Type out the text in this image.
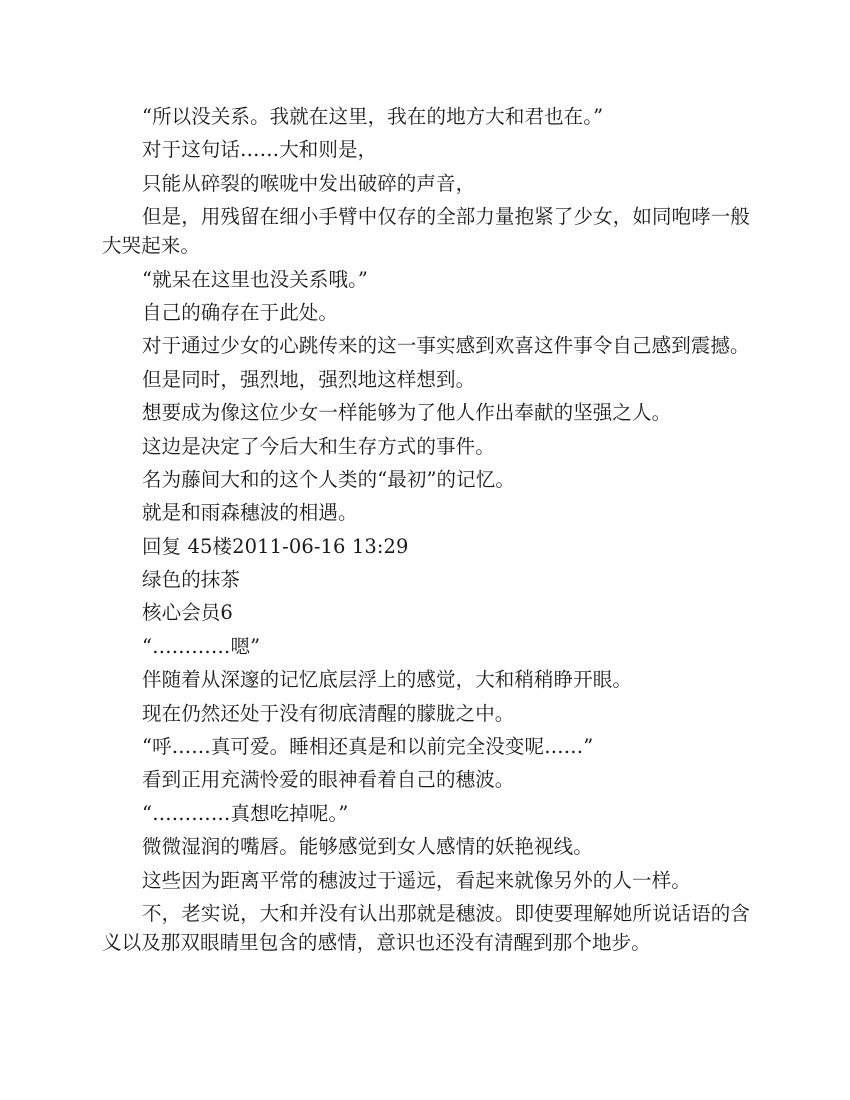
“所以没关系。我就在这里，我在的地方大和君也在。”

对于这句话……大和则是，

只能从碎裂的喉咙中发出破碎的声音，

但是，用残留在细小手臂中仅存的全部力量抱紧了少女，如同咆哮一般大哭起来。

“就呆在这里也没关系哦。”

自己的确存在于此处。

对于通过少女的心跳传来的这一事实感到欢喜这件事令自己感到震撼。

但是同时，强烈地，强烈地这样想到。

想要成为像这位少女一样能够为了他人作出奉献的坚强之人。

这边是决定了今后大和生存方式的事件。

名为藤间大和的这个人类的“最初”的记忆。

就是和雨森穗波的相遇。

回复 45楼2011-06-16 13:29

绿色的抹茶

核心会员6

“…………嗯”

伴随着从深邃的记忆底层浮上的感觉，大和稍稍睁开眼。

现在仍然还处于没有彻底清醒的朦胧之中。

“呼……真可爱。睡相还真是和以前完全没变呢……”

看到正用充满怜爱的眼神看着自己的穗波。

“…………真想吃掉呢。”

微微湿润的嘴唇。能够感觉到女人感情的妖艳视线。

这些因为距离平常的穗波过于遥远，看起来就像另外的人一样。

不，老实说，大和并没有认出那就是穗波。即使要理解她所说话语的含义以及那双眼睛里包含的感情，意识也还没有清醒到那个地步。
